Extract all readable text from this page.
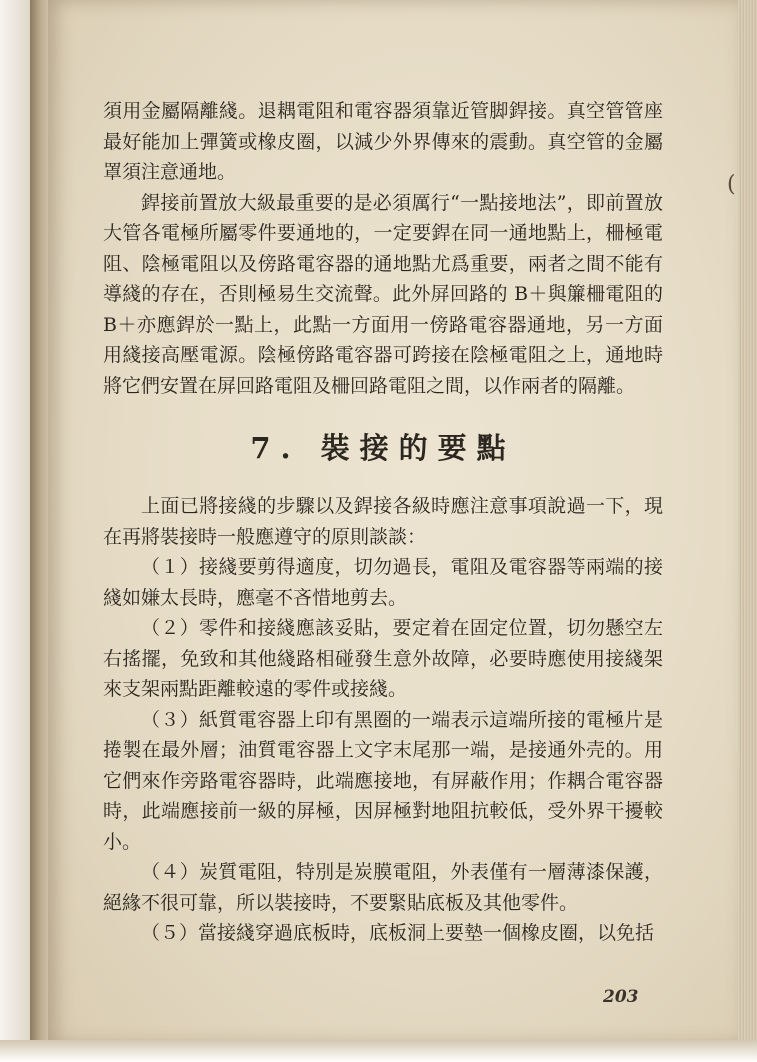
(

須用金屬隔離綫。退耦電阻和電容器須靠近管脚銲接。真空管管座最好能加上彈簧或橡皮圈，以減少外界傳來的震動。真空管的金屬罩須注意通地。

銲接前置放大級最重要的是必須厲行“一點接地法”，即前置放大管各電極所屬零件要通地的，一定要銲在同一通地點上，柵極電阻、陰極電阻以及傍路電容器的通地點尤爲重要，兩者之間不能有導綫的存在，否則極易生交流聲。此外屏回路的 B＋與簾柵電阻的B＋亦應銲於一點上，此點一方面用一傍路電容器通地，另一方面用綫接高壓電源。陰極傍路電容器可跨接在陰極電阻之上，通地時將它們安置在屏回路電阻及柵回路電阻之間，以作兩者的隔離。

7. 裝接的要點

上面已將接綫的步驟以及銲接各級時應注意事項說過一下，現在再將裝接時一般應遵守的原則談談：

（１）接綫要剪得適度，切勿過長，電阻及電容器等兩端的接綫如嫌太長時，應毫不吝惜地剪去。

（２）零件和接綫應該妥貼，要定着在固定位置，切勿懸空左右搖擺，免致和其他綫路相碰發生意外故障，必要時應使用接綫架來支架兩點距離較遠的零件或接綫。

（３）紙質電容器上印有黑圈的一端表示這端所接的電極片是捲製在最外層；油質電容器上文字末尾那一端，是接通外壳的。用它們來作旁路電容器時，此端應接地，有屏蔽作用；作耦合電容器時，此端應接前一級的屏極，因屏極對地阻抗較低，受外界干擾較小。

（４）炭質電阻，特別是炭膜電阻，外表僅有一層薄漆保護，絕緣不很可靠，所以裝接時，不要緊貼底板及其他零件。

（５）當接綫穿過底板時，底板洞上要墊一個橡皮圈，以免括

203
